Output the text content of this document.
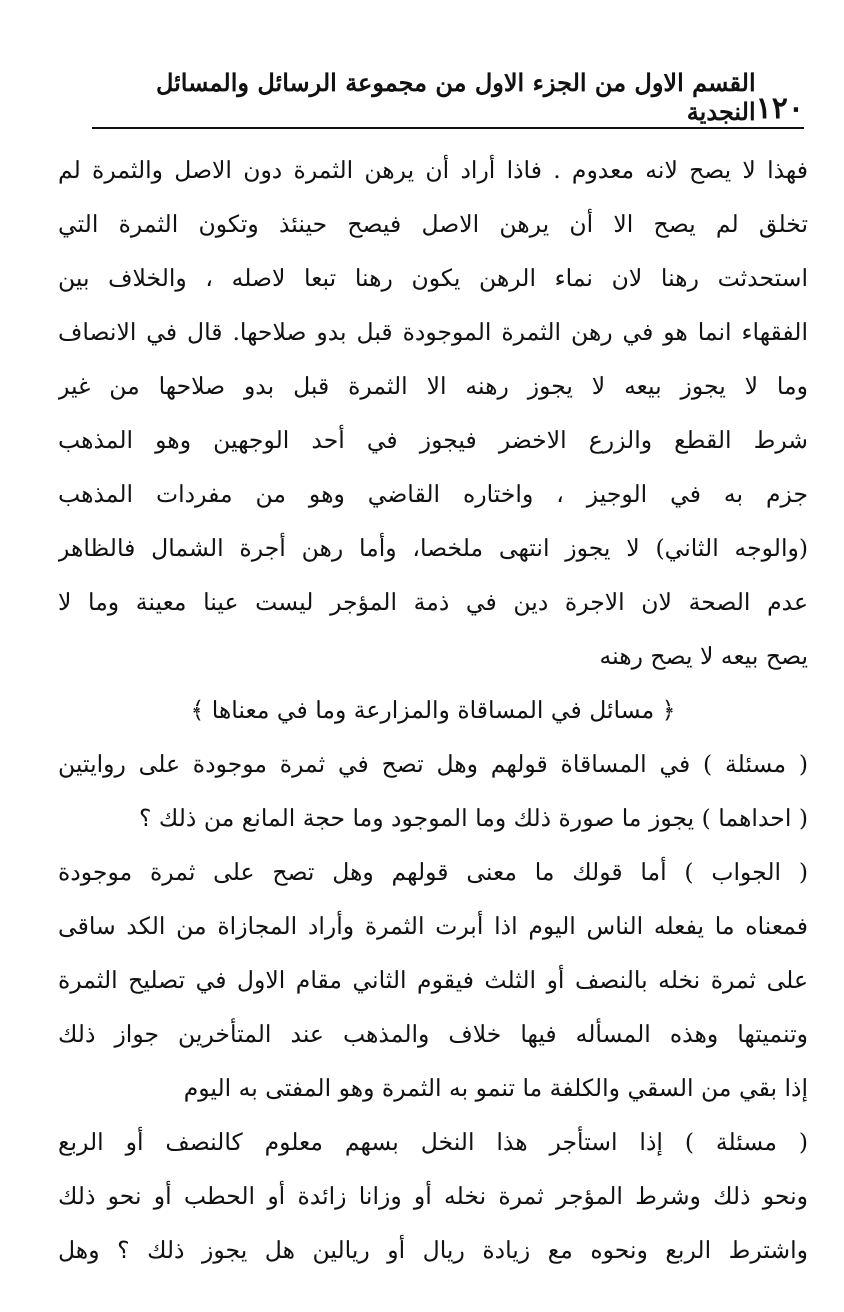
١٢٠
القسم الاول من الجزء الاول من مجموعة الرسائل والمسائل النجدية
فهذا لا يصح لانه معدوم . فاذا أراد أن يرهن الثمرة دون الاصل والثمرة لم
تخلق لم يصح الا أن يرهن الاصل فيصح حينئذ وتكون الثمرة التي
استحدثت رهنا لان نماء الرهن يكون رهنا تبعا لاصله ، والخلاف بين
الفقهاء انما هو في رهن الثمرة الموجودة قبل بدو صلاحها. قال في الانصاف
وما لا يجوز بيعه لا يجوز رهنه الا الثمرة قبل بدو صلاحها من غير
شرط القطع والزرع الاخضر فيجوز في أحد الوجهين وهو المذهب
جزم به في الوجيز ، واختاره القاضي وهو من مفردات المذهب
(والوجه الثاني) لا يجوز انتهى ملخصا، وأما رهن أجرة الشمال فالظاهر
عدم الصحة لان الاجرة دين في ذمة المؤجر ليست عينا معينة وما لا
يصح بيعه لا يصح رهنه
﴿ مسائل في المساقاة والمزارعة وما في معناها ﴾
( مسئلة ) في المساقاة قولهم وهل تصح في ثمرة موجودة على روايتين
( احداهما ) يجوز ما صورة ذلك وما الموجود وما حجة المانع من ذلك ؟
( الجواب ) أما قولك ما معنى قولهم وهل تصح على ثمرة موجودة
فمعناه ما يفعله الناس اليوم اذا أبرت الثمرة وأراد المجازاة من الكد ساقى
على ثمرة نخله بالنصف أو الثلث فيقوم الثاني مقام الاول في تصليح الثمرة
وتنميتها وهذه المسأله فيها خلاف والمذهب عند المتأخرين جواز ذلك
إذا بقي من السقي والكلفة ما تنمو به الثمرة وهو المفتى به اليوم
( مسئلة ) إذا استأجر هذا النخل بسهم معلوم كالنصف أو الربع
ونحو ذلك وشرط المؤجر ثمرة نخله أو وزانا زائدة أو الحطب أو نحو ذلك
واشترط الربع ونحوه مع زيادة ريال أو ريالين هل يجوز ذلك ؟ وهل
